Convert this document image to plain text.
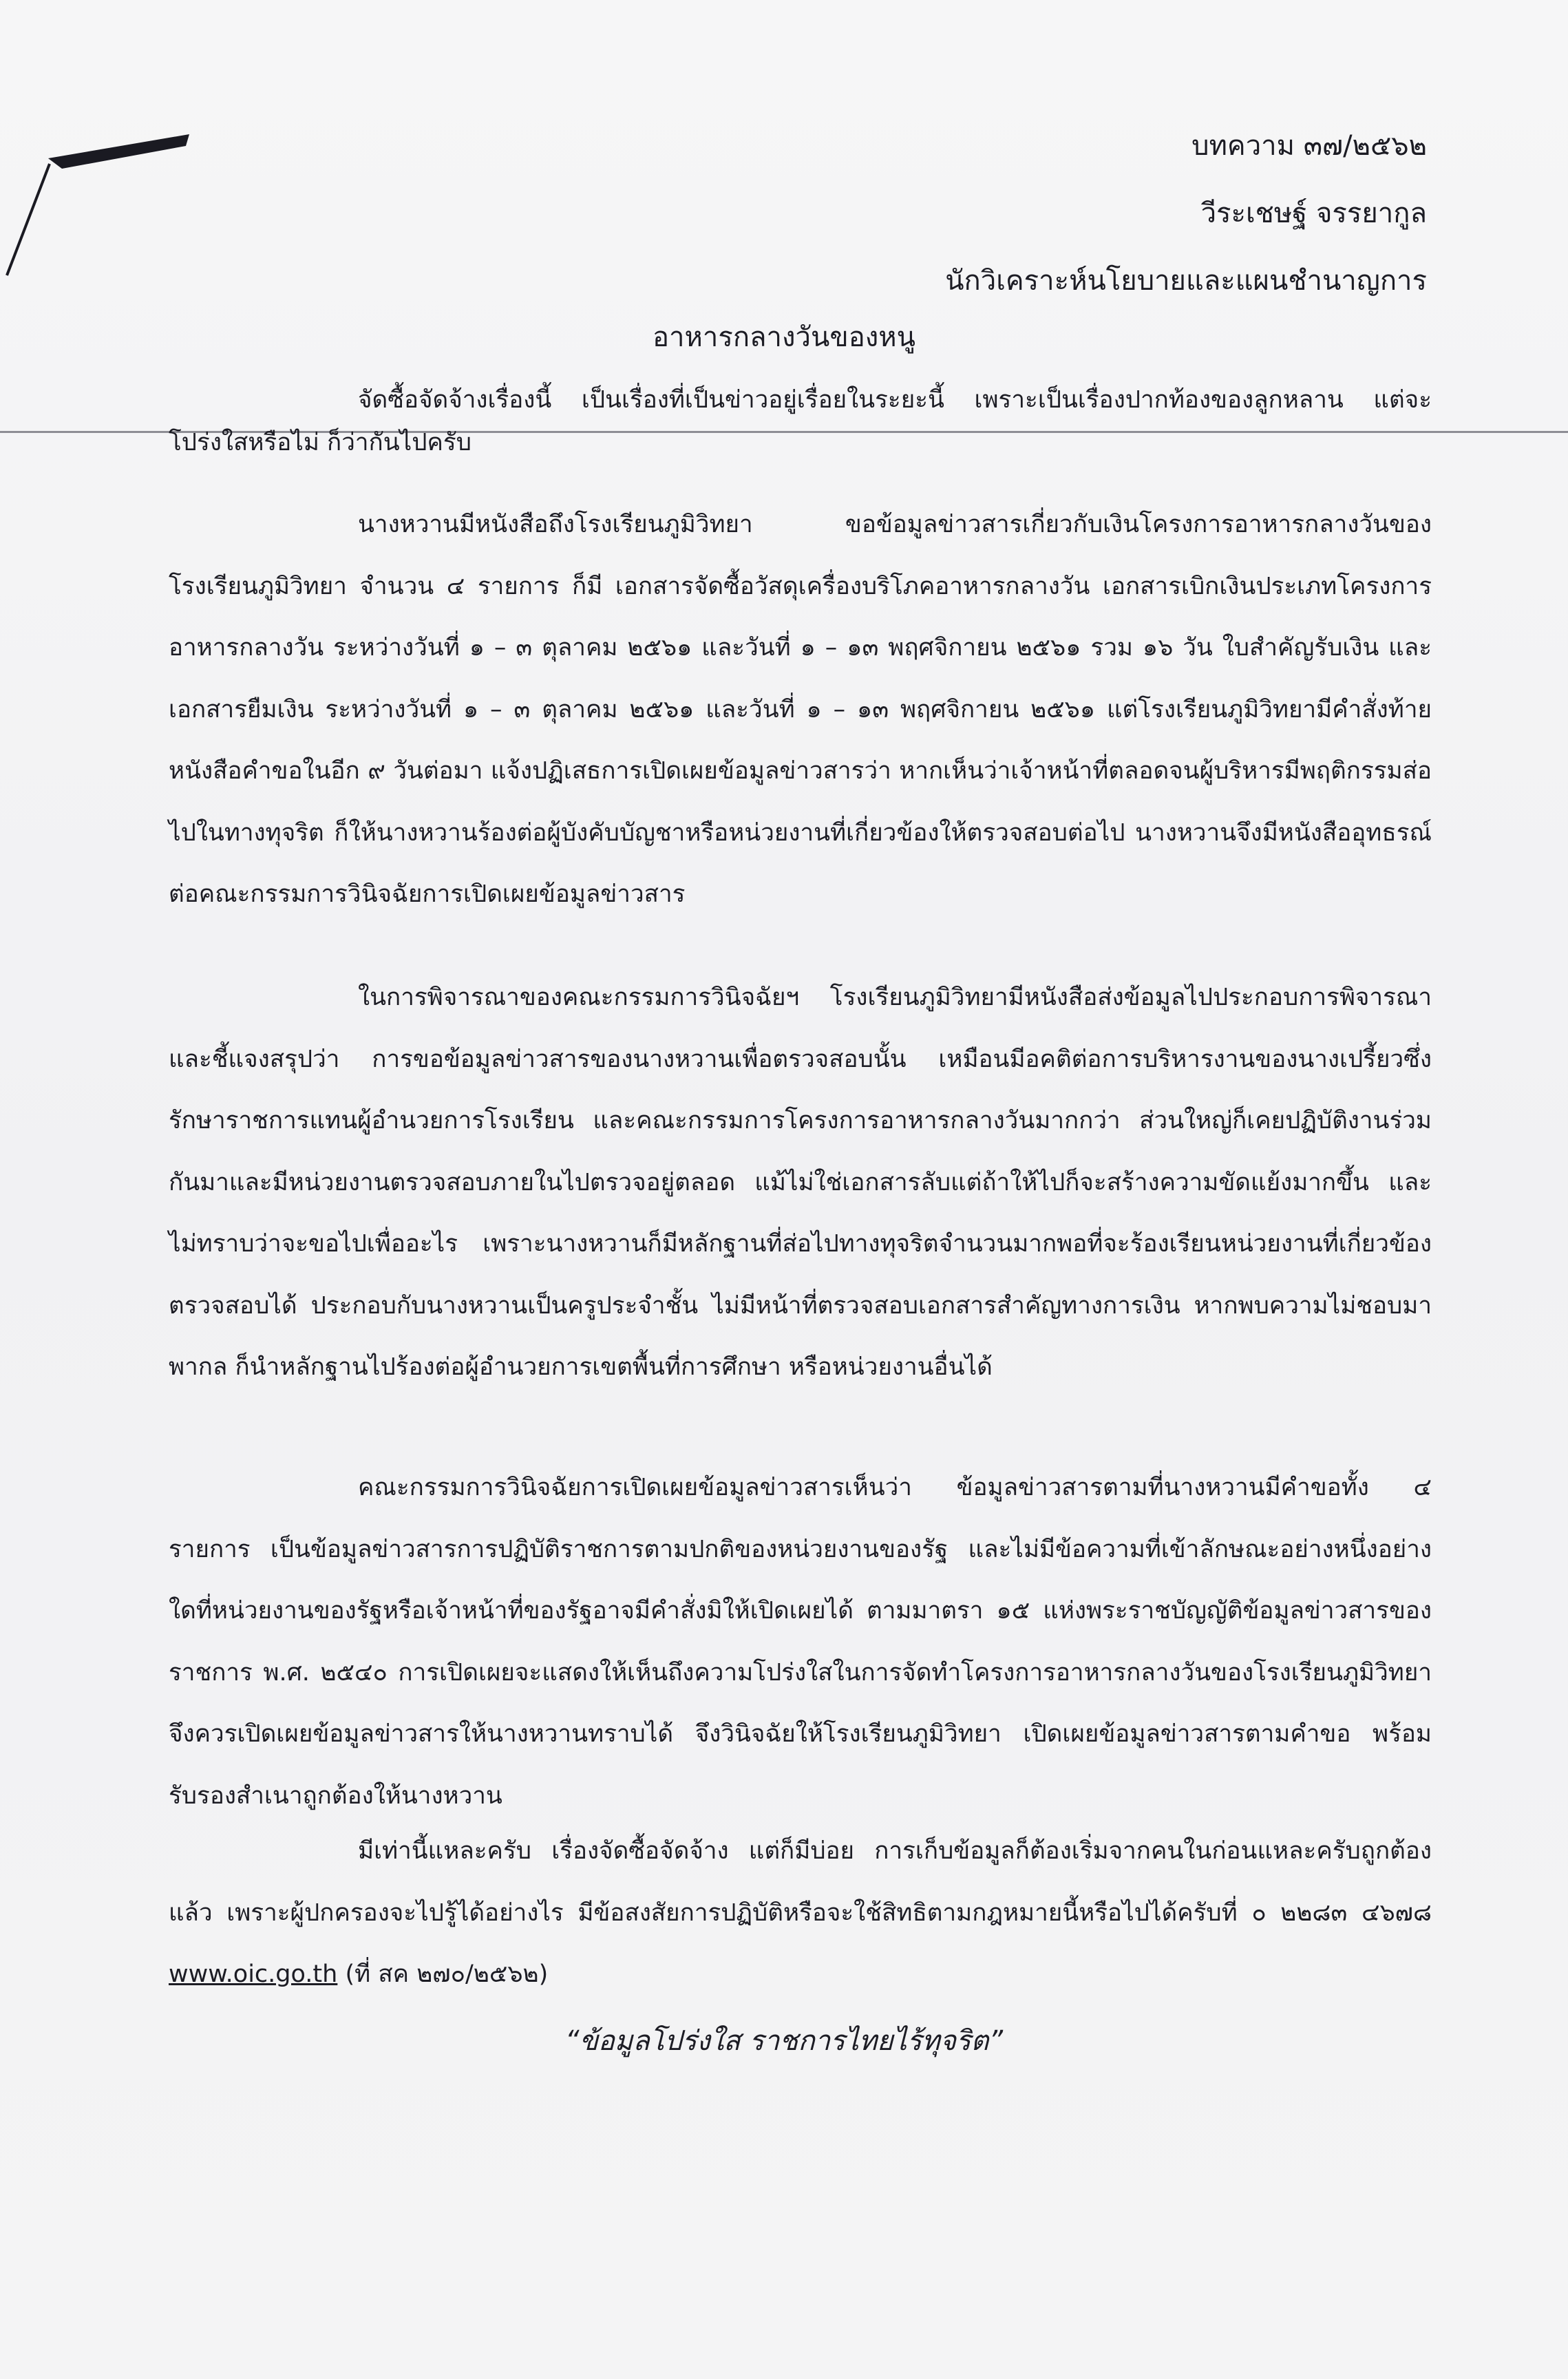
บทความ ๓๗/๒๕๖๒
วีระเชษฐ์ จรรยากูล
นักวิเคราะห์นโยบายและแผนชำนาญการ
อาหารกลางวันของหนู

จัดซื้อจัดจ้างเรื่องนี้ เป็นเรื่องที่เป็นข่าวอยู่เรื่อยในระยะนี้ เพราะเป็นเรื่องปากท้องของลูกหลาน แต่จะโปร่งใสหรือไม่ ก็ว่ากันไปครับ

นางหวานมีหนังสือถึงโรงเรียนภูมิวิทยา ขอข้อมูลข่าวสารเกี่ยวกับเงินโครงการอาหารกลางวันของโรงเรียนภูมิวิทยา จำนวน ๔ รายการ ก็มี เอกสารจัดซื้อวัสดุเครื่องบริโภคอาหารกลางวัน เอกสารเบิกเงินประเภทโครงการอาหารกลางวัน ระหว่างวันที่ ๑ – ๓ ตุลาคม ๒๕๖๑ และวันที่ ๑ – ๑๓ พฤศจิกายน ๒๕๖๑ รวม ๑๖ วัน ใบสำคัญรับเงิน และเอกสารยืมเงิน ระหว่างวันที่ ๑ – ๓ ตุลาคม ๒๕๖๑ และวันที่ ๑ – ๑๓ พฤศจิกายน ๒๕๖๑ แต่โรงเรียนภูมิวิทยามีคำสั่งท้ายหนังสือคำขอในอีก ๙ วันต่อมา แจ้งปฏิเสธการเปิดเผยข้อมูลข่าวสารว่า หากเห็นว่าเจ้าหน้าที่ตลอดจนผู้บริหารมีพฤติกรรมส่อไปในทางทุจริต ก็ให้นางหวานร้องต่อผู้บังคับบัญชาหรือหน่วยงานที่เกี่ยวข้องให้ตรวจสอบต่อไป นางหวานจึงมีหนังสืออุทธรณ์ต่อคณะกรรมการวินิจฉัยการเปิดเผยข้อมูลข่าวสาร

ในการพิจารณาของคณะกรรมการวินิจฉัยฯ โรงเรียนภูมิวิทยามีหนังสือส่งข้อมูลไปประกอบการพิจารณาและชี้แจงสรุปว่า การขอข้อมูลข่าวสารของนางหวานเพื่อตรวจสอบนั้น เหมือนมีอคติต่อการบริหารงานของนางเปรี้ยวซึ่งรักษาราชการแทนผู้อำนวยการโรงเรียน และคณะกรรมการโครงการอาหารกลางวันมากกว่า ส่วนใหญ่ก็เคยปฏิบัติงานร่วมกันมาและมีหน่วยงานตรวจสอบภายในไปตรวจอยู่ตลอด แม้ไม่ใช่เอกสารลับแต่ถ้าให้ไปก็จะสร้างความขัดแย้งมากขึ้น และไม่ทราบว่าจะขอไปเพื่ออะไร เพราะนางหวานก็มีหลักฐานที่ส่อไปทางทุจริตจำนวนมากพอที่จะร้องเรียนหน่วยงานที่เกี่ยวข้องตรวจสอบได้ ประกอบกับนางหวานเป็นครูประจำชั้น ไม่มีหน้าที่ตรวจสอบเอกสารสำคัญทางการเงิน หากพบความไม่ชอบมาพากล ก็นำหลักฐานไปร้องต่อผู้อำนวยการเขตพื้นที่การศึกษา หรือหน่วยงานอื่นได้

คณะกรรมการวินิจฉัยการเปิดเผยข้อมูลข่าวสารเห็นว่า ข้อมูลข่าวสารตามที่นางหวานมีคำขอทั้ง ๔ รายการ เป็นข้อมูลข่าวสารการปฏิบัติราชการตามปกติของหน่วยงานของรัฐ และไม่มีข้อความที่เข้าลักษณะอย่างหนึ่งอย่างใดที่หน่วยงานของรัฐหรือเจ้าหน้าที่ของรัฐอาจมีคำสั่งมิให้เปิดเผยได้ ตามมาตรา ๑๕ แห่งพระราชบัญญัติข้อมูลข่าวสารของราชการ พ.ศ. ๒๕๔๐ การเปิดเผยจะแสดงให้เห็นถึงความโปร่งใสในการจัดทำโครงการอาหารกลางวันของโรงเรียนภูมิวิทยา จึงควรเปิดเผยข้อมูลข่าวสารให้นางหวานทราบได้ จึงวินิจฉัยให้โรงเรียนภูมิวิทยา เปิดเผยข้อมูลข่าวสารตามคำขอ พร้อมรับรองสำเนาถูกต้องให้นางหวาน

มีเท่านี้แหละครับ เรื่องจัดซื้อจัดจ้าง แต่ก็มีบ่อย การเก็บข้อมูลก็ต้องเริ่มจากคนในก่อนแหละครับถูกต้องแล้ว เพราะผู้ปกครองจะไปรู้ได้อย่างไร มีข้อสงสัยการปฏิบัติหรือจะใช้สิทธิตามกฎหมายนี้หรือไปได้ครับที่ ๐ ๒๒๘๓ ๔๖๗๘ www.oic.go.th (ที่ สค ๒๗๐/๒๕๖๒)

“ข้อมูลโปร่งใส ราชการไทยไร้ทุจริต”
